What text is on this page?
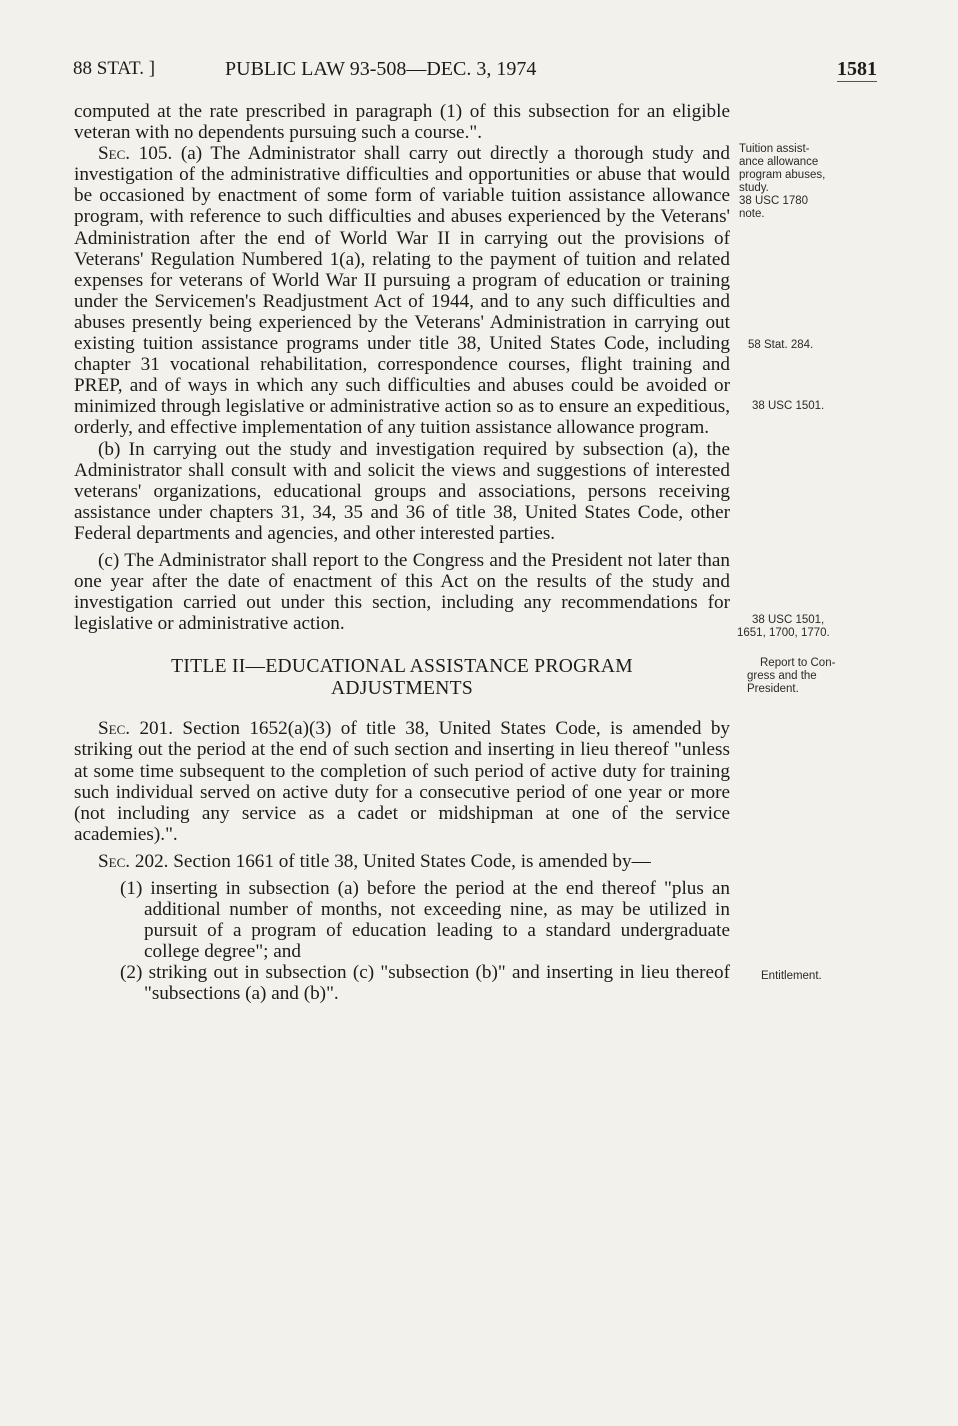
88 STAT. ]	PUBLIC LAW 93-508—DEC. 3, 1974	1581

computed at the rate prescribed in paragraph (1) of this subsection for an eligible veteran with no dependents pursuing such a course.".

Sec. 105. (a) The Administrator shall carry out directly a thorough study and investigation of the administrative difficulties and opportunities or abuse that would be occasioned by enactment of some form of variable tuition assistance allowance program, with reference to such difficulties and abuses experienced by the Veterans' Administration after the end of World War II in carrying out the provisions of Veterans' Regulation Numbered 1(a), relating to the payment of tuition and related expenses for veterans of World War II pursuing a program of education or training under the Servicemen's Readjustment Act of 1944, and to any such difficulties and abuses presently being experienced by the Veterans' Administration in carrying out existing tuition assistance programs under title 38, United States Code, including chapter 31 vocational rehabilitation, correspondence courses, flight training and PREP, and of ways in which any such difficulties and abuses could be avoided or minimized through legislative or administrative action so as to ensure an expeditious, orderly, and effective implementation of any tuition assistance allowance program.

(b) In carrying out the study and investigation required by subsection (a), the Administrator shall consult with and solicit the views and suggestions of interested veterans' organizations, educational groups and associations, persons receiving assistance under chapters 31, 34, 35 and 36 of title 38, United States Code, other Federal departments and agencies, and other interested parties.

(c) The Administrator shall report to the Congress and the President not later than one year after the date of enactment of this Act on the results of the study and investigation carried out under this section, including any recommendations for legislative or administrative action.

TITLE II—EDUCATIONAL ASSISTANCE PROGRAM
ADJUSTMENTS

Sec. 201. Section 1652(a)(3) of title 38, United States Code, is amended by striking out the period at the end of such section and inserting in lieu thereof "unless at some time subsequent to the completion of such period of active duty for training such individual served on active duty for a consecutive period of one year or more (not including any service as a cadet or midshipman at one of the service academies).".

Sec. 202. Section 1661 of title 38, United States Code, is amended by—

(1) inserting in subsection (a) before the period at the end thereof "plus an additional number of months, not exceeding nine, as may be utilized in pursuit of a program of education leading to a standard undergraduate college degree"; and

(2) striking out in subsection (c) "subsection (b)" and inserting in lieu thereof "subsections (a) and (b)".

Tuition assist-
ance allowance
program abuses,
study.
38 USC 1780
note.
58 Stat. 284.
38 USC 1501.
38 USC 1501,
1651, 1700, 1770.
Report to Con-
gress and the
President.
Entitlement.
